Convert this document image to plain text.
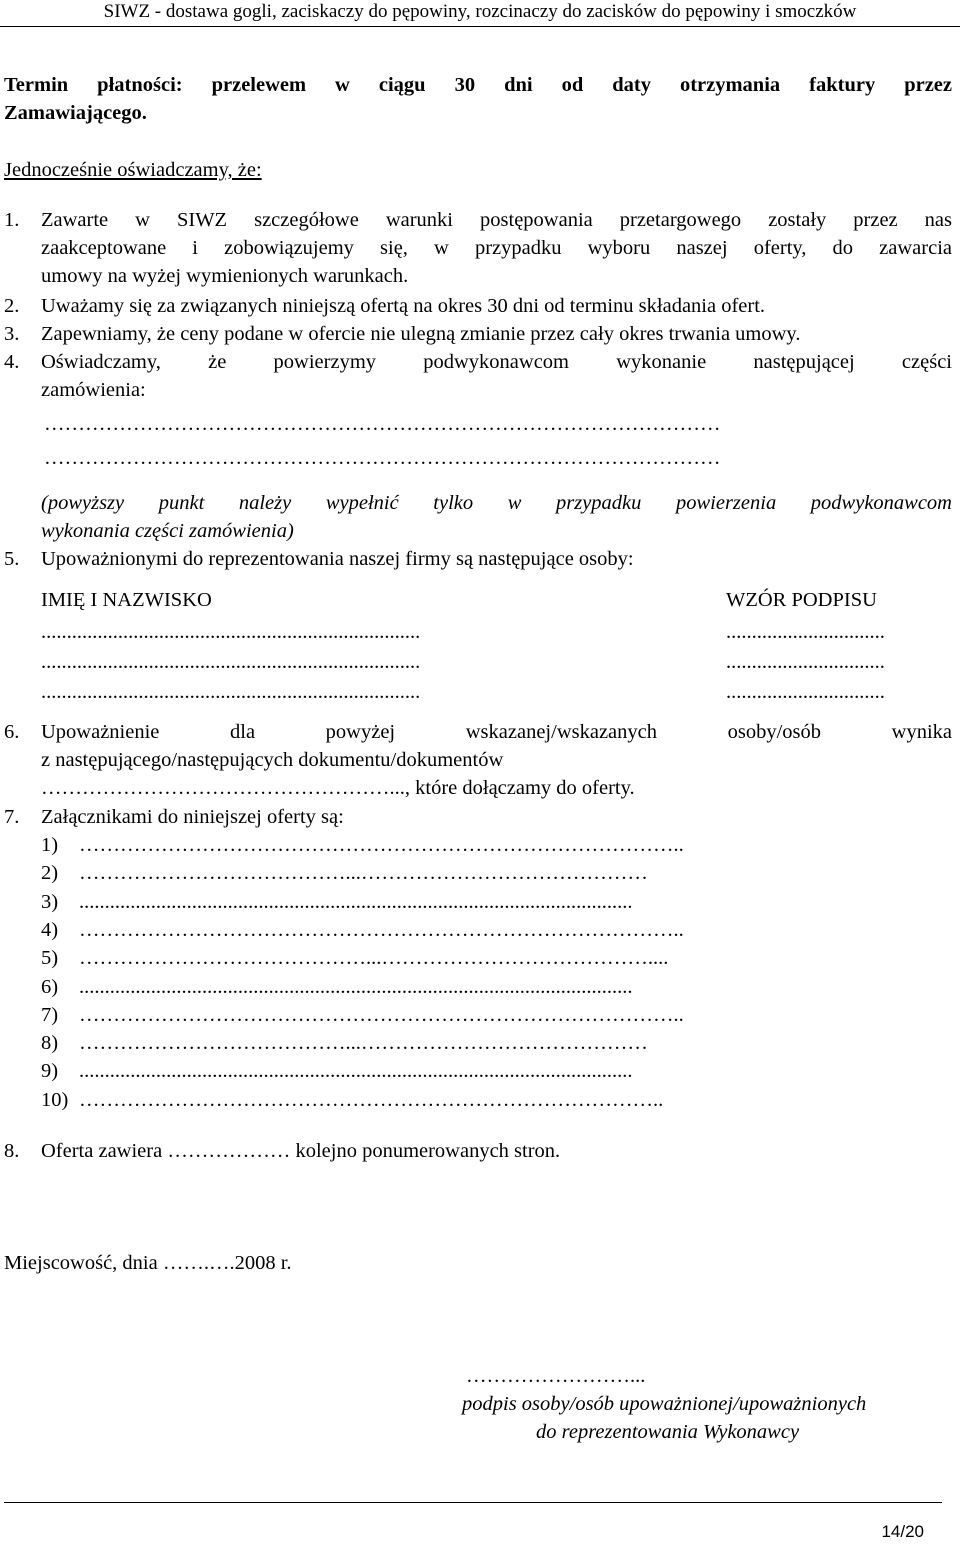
SIWZ - dostawa gogli, zaciskaczy do pępowiny, rozcinaczy do zacisków do pępowiny i smoczków
Termin płatności: przelewem w ciągu 30 dni od daty otrzymania faktury przez
Zamawiającego.
Jednocześnie oświadczamy, że:
1. Zawarte w SIWZ szczegółowe warunki postępowania przetargowego zostały przez nas
zaakceptowane i zobowiązujemy się, w przypadku wyboru naszej oferty, do zawarcia
umowy na wyżej wymienionych warunkach.
2. Uważamy się za związanych niniejszą ofertą na okres 30 dni od terminu składania ofert.
3. Zapewniamy, że ceny podane w ofercie nie ulegną zmianie przez cały okres trwania umowy.
4. Oświadczamy, że powierzymy podwykonawcom wykonanie następującej części
zamówienia:
………………………………………………………………………………………
………………………………………………………………………………………
(powyższy punkt należy wypełnić tylko w przypadku powierzenia podwykonawcom
wykonania części zamówienia)
5. Upoważnionymi do reprezentowania naszej firmy są następujące osoby:
IMIĘ I NAZWISKO	WZÓR PODPISU
..........................................................................	...............................
..........................................................................	...............................
..........................................................................	...............................
6. Upoważnienie dla powyżej wskazanej/wskazanych osoby/osób wynika
z następującego/następujących dokumentu/dokumentów
……………………………………………..., które dołączamy do oferty.
7. Załącznikami do niniejszej oferty są:
1) ……………………………………………………………………………..
2) …………………………………...……………………………………
3) ............................................................................................................
4) ……………………………………………………………………………..
5) ……………………………………...…………………………………....
6) ............................................................................................................
7) ……………………………………………………………………………..
8) …………………………………...……………………………………
9) ............................................................................................................
10) …………………………………………………………………………..
8. Oferta zawiera ……………… kolejno ponumerowanych stron.
Miejscowość, dnia …….….2008 r.
……………………...
podpis osoby/osób upoważnionej/upoważnionych
do reprezentowania Wykonawcy
14/20
